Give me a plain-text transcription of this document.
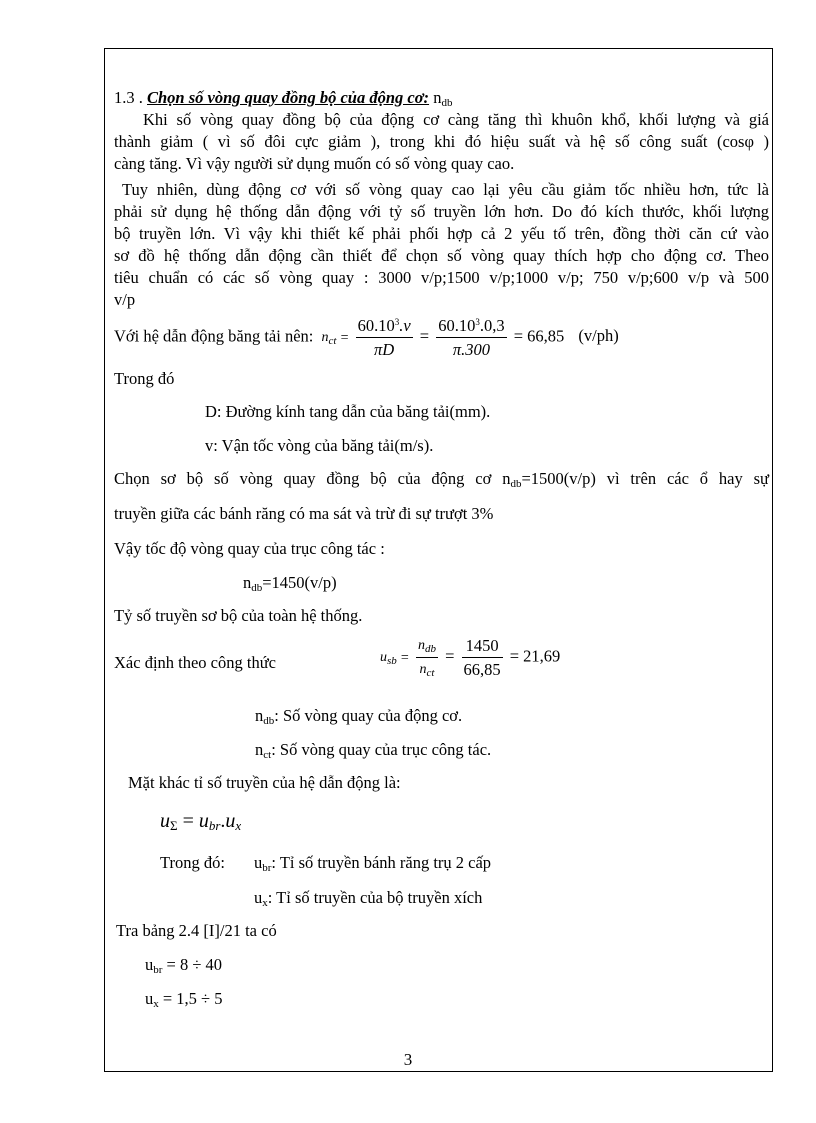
1.3 . Chọn số vòng quay đồng bộ của động cơ: $n_{db}$
Khi số vòng quay đồng bộ của động cơ càng tăng thì khuôn khổ, khối lượng và giá
thành giảm ( vì số đôi cực giảm ), trong khi đó hiệu suất và hệ số công suất (cosφ )
càng tăng. Vì vậy người sử dụng muốn có số vòng quay cao.
Tuy nhiên, dùng động cơ với số vòng quay cao lại yêu cầu giảm tốc nhiều hơn, tức là
phải sử dụng hệ thống dẫn động với tỷ số truyền lớn hơn. Do đó kích thước, khối lượng
bộ truyền lớn. Vì vậy khi thiết kế phải phối hợp cả 2 yếu tố trên, đồng thời căn cứ vào
sơ đồ hệ thống dẫn động cần thiết để chọn số vòng quay thích hợp cho động cơ. Theo
tiêu chuẩn có các số vòng quay : 3000 v/p;1500 v/p;1000 v/p; 750 v/p;600 v/p và 500
v/p
Với hệ dẫn động băng tải nên: $n_{ct} = \frac{60.10^3.v}{\pi D} = \frac{60.10^3.0,3}{\pi.300} = 66,85$ (v/ph)
Trong đó
D: Đường kính tang dẫn của băng tải(mm).
v: Vận tốc vòng của băng tải(m/s).
Chọn sơ bộ số vòng quay đồng bộ của động cơ $n_{db}=1500(v/p)$ vì trên các ổ hay sự
truyền giữa các bánh răng có ma sát và trừ đi sự trượt 3%
Vậy tốc độ vòng quay của trục công tác :
$n_{db}=1450(v/p)$
Tỷ số truyền sơ bộ của toàn hệ thống.
Xác định theo công thức	$u_{sb} = \frac{n_{db}}{n_{ct}} = \frac{1450}{66,85} = 21,69$
$n_{db}$: Số vòng quay của động cơ.
$n_{ct}$: Số vòng quay của trục công tác.
Mặt khác tỉ số truyền của hệ dẫn động là:
$u_\Sigma = u_{br}.u_x$
Trong đó: $u_{br}$: Tỉ số truyền bánh răng trụ 2 cấp
$u_x$: Tỉ số truyền của bộ truyền xích
Tra bảng 2.4 [I]/21 ta có
$u_{br} = 8 \div 40$
$u_x = 1,5 \div 5$
3
